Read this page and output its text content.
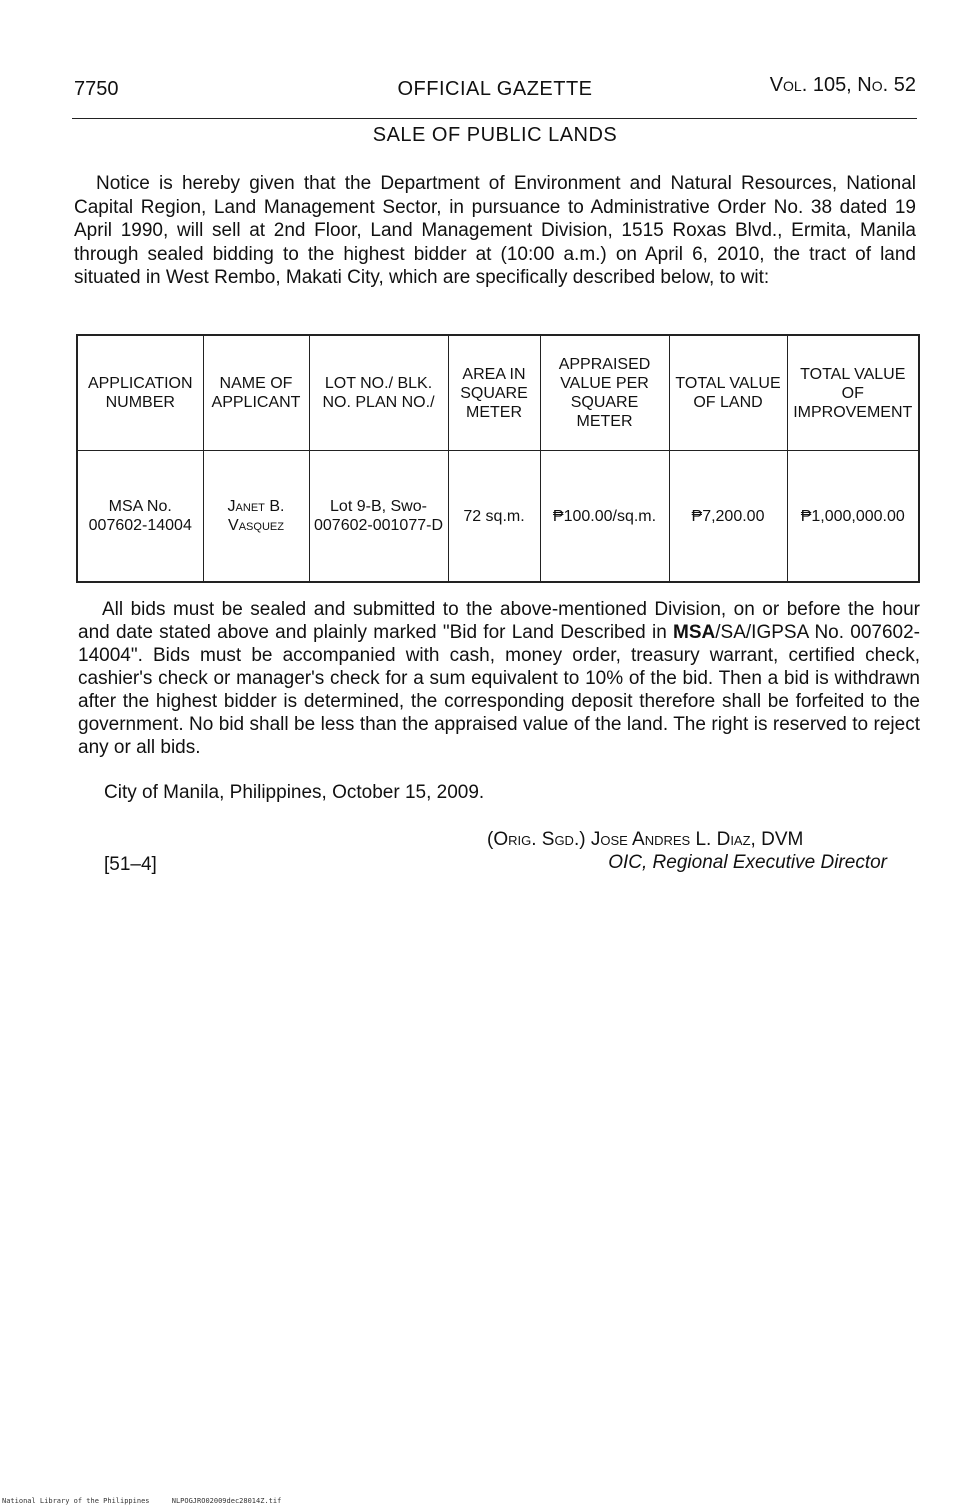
7750	OFFICIAL GAZETTE	Vol. 105, No. 52
SALE OF PUBLIC LANDS

Notice is hereby given that the Department of Environment and Natural Resources, National Capital Region, Land Management Sector, in pursuance to Administrative Order No. 38 dated 19 April 1990, will sell at 2nd Floor, Land Management Division, 1515 Roxas Blvd., Ermita, Manila through sealed bidding to the highest bidder at (10:00 a.m.) on April 6, 2010, the tract of land situated in West Rembo, Makati City, which are specifically described below, to wit:

APPLICATION NUMBER	NAME OF APPLICANT	LOT NO./ BLK. NO. PLAN NO./	AREA IN SQUARE METER	APPRAISED VALUE PER SQUARE METER	TOTAL VALUE OF LAND	TOTAL VALUE OF IMPROVEMENT
MSA No. 007602-14004	Janet B. Vasquez	Lot 9-B, Swo-007602-001077-D	72 sq.m.	₱100.00/sq.m.	₱7,200.00	₱1,000,000.00

All bids must be sealed and submitted to the above-mentioned Division, on or before the hour and date stated above and plainly marked "Bid for Land Described in MSA/SA/IGPSA No. 007602-14004". Bids must be accompanied with cash, money order, treasury warrant, certified check, cashier's check or manager's check for a sum equivalent to 10% of the bid. Then a bid is withdrawn after the highest bidder is determined, the corresponding deposit therefore shall be forfeited to the government. No bid shall be less than the appraised value of the land. The right is reserved to reject any or all bids.

City of Manila, Philippines, October 15, 2009.

(Orig. Sgd.) Jose Andres L. Diaz, DVM
OIC, Regional Executive Director

[51–4]

National Library of the Philippines	NLPOGJRO02009dec28014Z.tif
